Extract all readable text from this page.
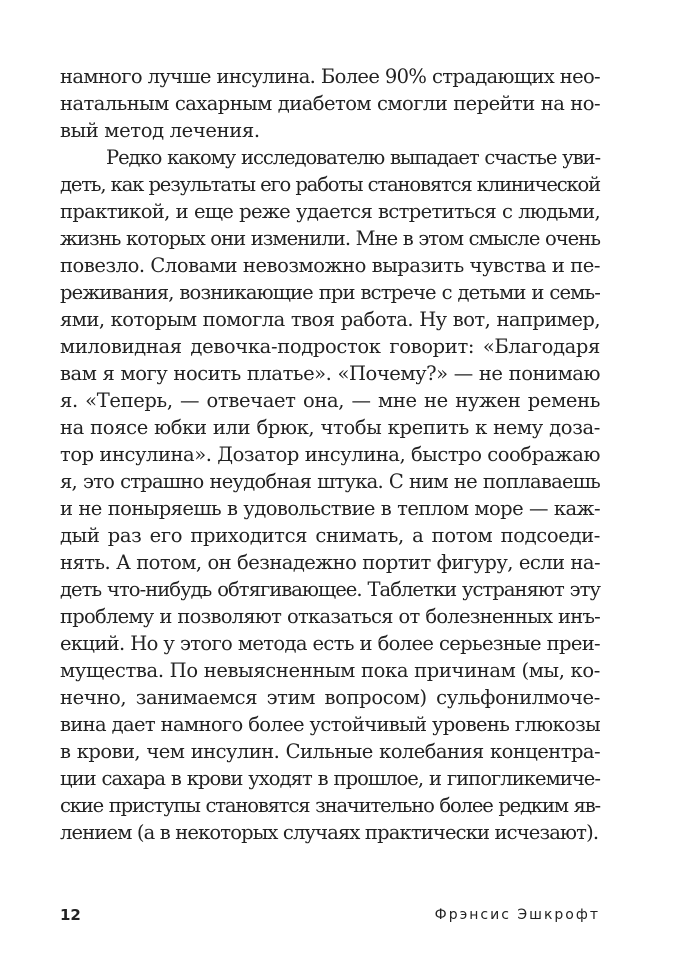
намного лучше инсулина. Более 90% страдающих нео-
натальным сахарным диабетом смогли перейти на но-
вый метод лечения.
Редко какому исследователю выпадает счастье уви-
деть, как результаты его работы становятся клинической
практикой, и еще реже удается встретиться с людьми,
жизнь которых они изменили. Мне в этом смысле очень
повезло. Словами невозможно выразить чувства и пе-
реживания, возникающие при встрече с детьми и семь-
ями, которым помогла твоя работа. Ну вот, например,
миловидная девочка-подросток говорит: «Благодаря
вам я могу носить платье». «Почему?» — не понимаю
я. «Теперь, — отвечает она, — мне не нужен ремень
на поясе юбки или брюк, чтобы крепить к нему доза-
тор инсулина». Дозатор инсулина, быстро соображаю
я, это страшно неудобная штука. С ним не поплаваешь
и не поныряешь в удовольствие в теплом море — каж-
дый раз его приходится снимать, а потом подсоеди-
нять. А потом, он безнадежно портит фигуру, если на-
деть что-нибудь обтягивающее. Таблетки устраняют эту
проблему и позволяют отказаться от болезненных инъ-
екций. Но у этого метода есть и более серьезные преи-
мущества. По невыясненным пока причинам (мы, ко-
нечно, занимаемся этим вопросом) сульфонилмоче-
вина дает намного более устойчивый уровень глюкозы
в крови, чем инсулин. Сильные колебания концентра-
ции сахара в крови уходят в прошлое, и гипогликемиче-
ские приступы становятся значительно более редким яв-
лением (а в некоторых случаях практически исчезают).
12	Фрэнсис Эшкрофт
